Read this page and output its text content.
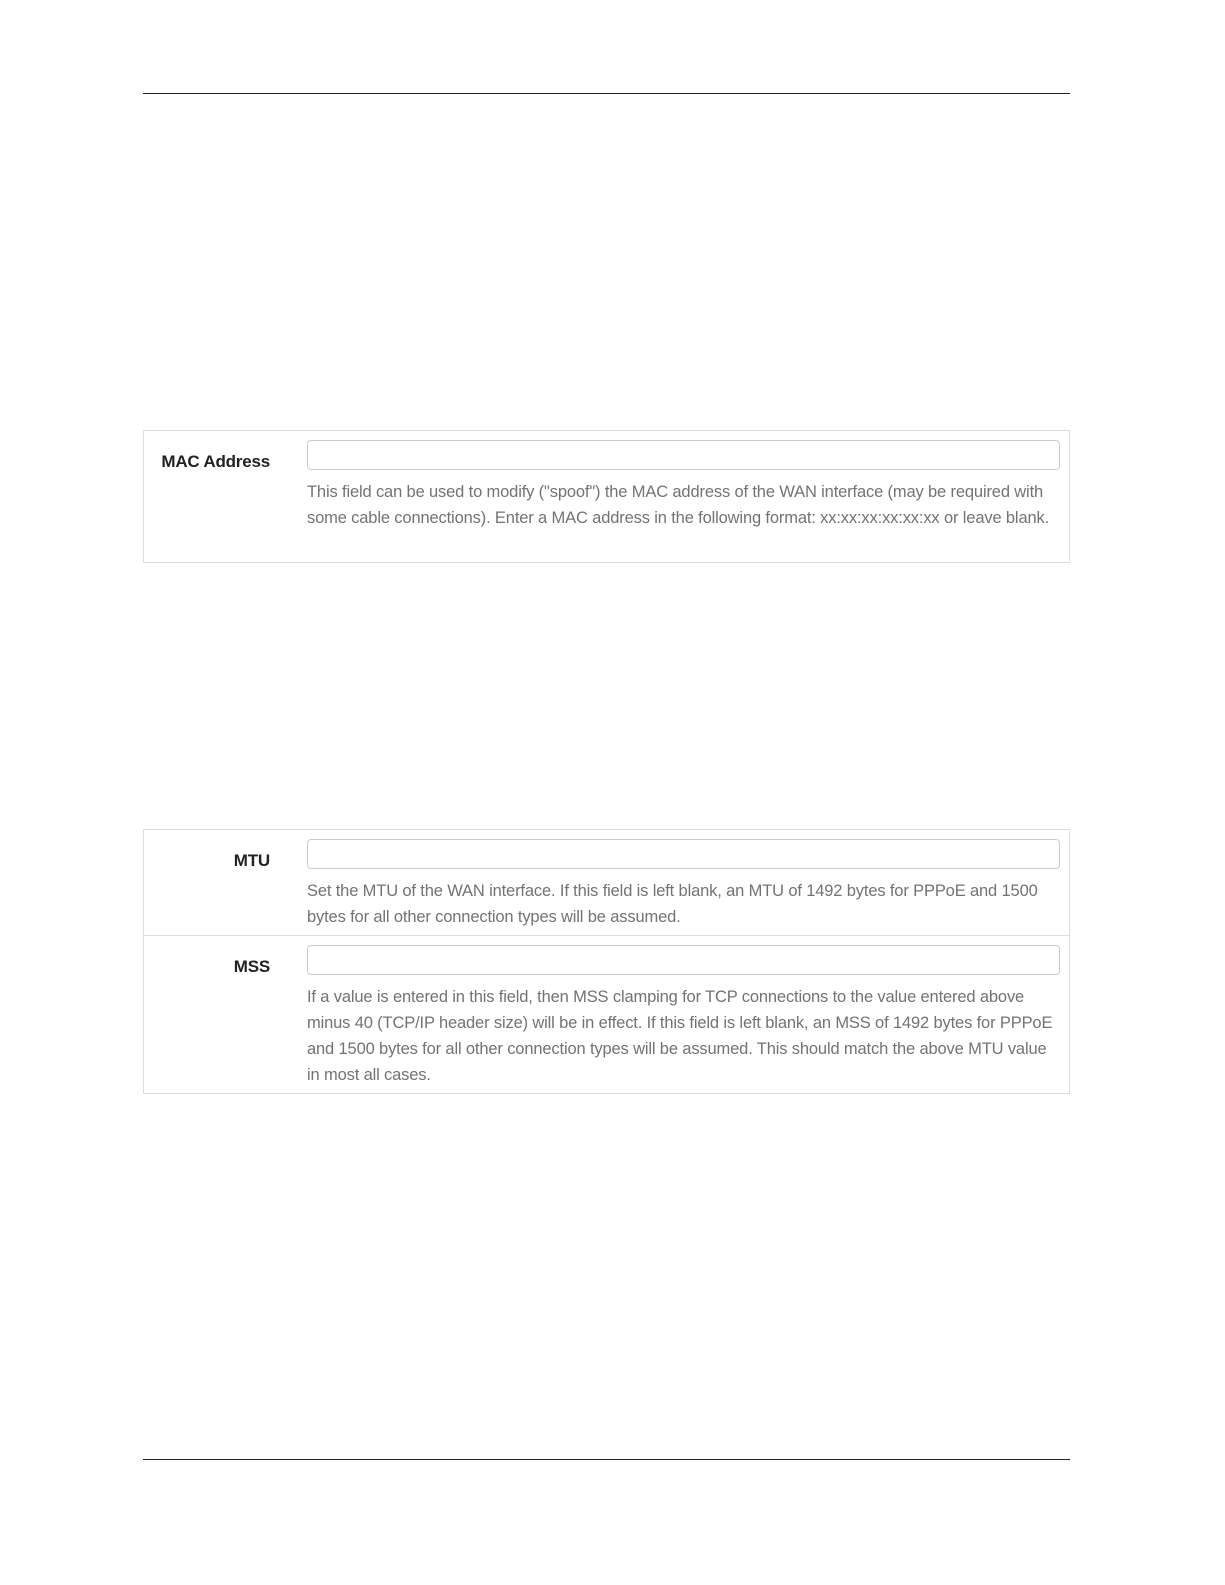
MAC Address

This field can be used to modify ("spoof") the MAC address of the WAN interface (may be required with some cable connections). Enter a MAC address in the following format: xx:xx:xx:xx:xx:xx or leave blank.

MTU

Set the MTU of the WAN interface. If this field is left blank, an MTU of 1492 bytes for PPPoE and 1500 bytes for all other connection types will be assumed.

MSS

If a value is entered in this field, then MSS clamping for TCP connections to the value entered above minus 40 (TCP/IP header size) will be in effect. If this field is left blank, an MSS of 1492 bytes for PPPoE and 1500 bytes for all other connection types will be assumed. This should match the above MTU value in most all cases.
